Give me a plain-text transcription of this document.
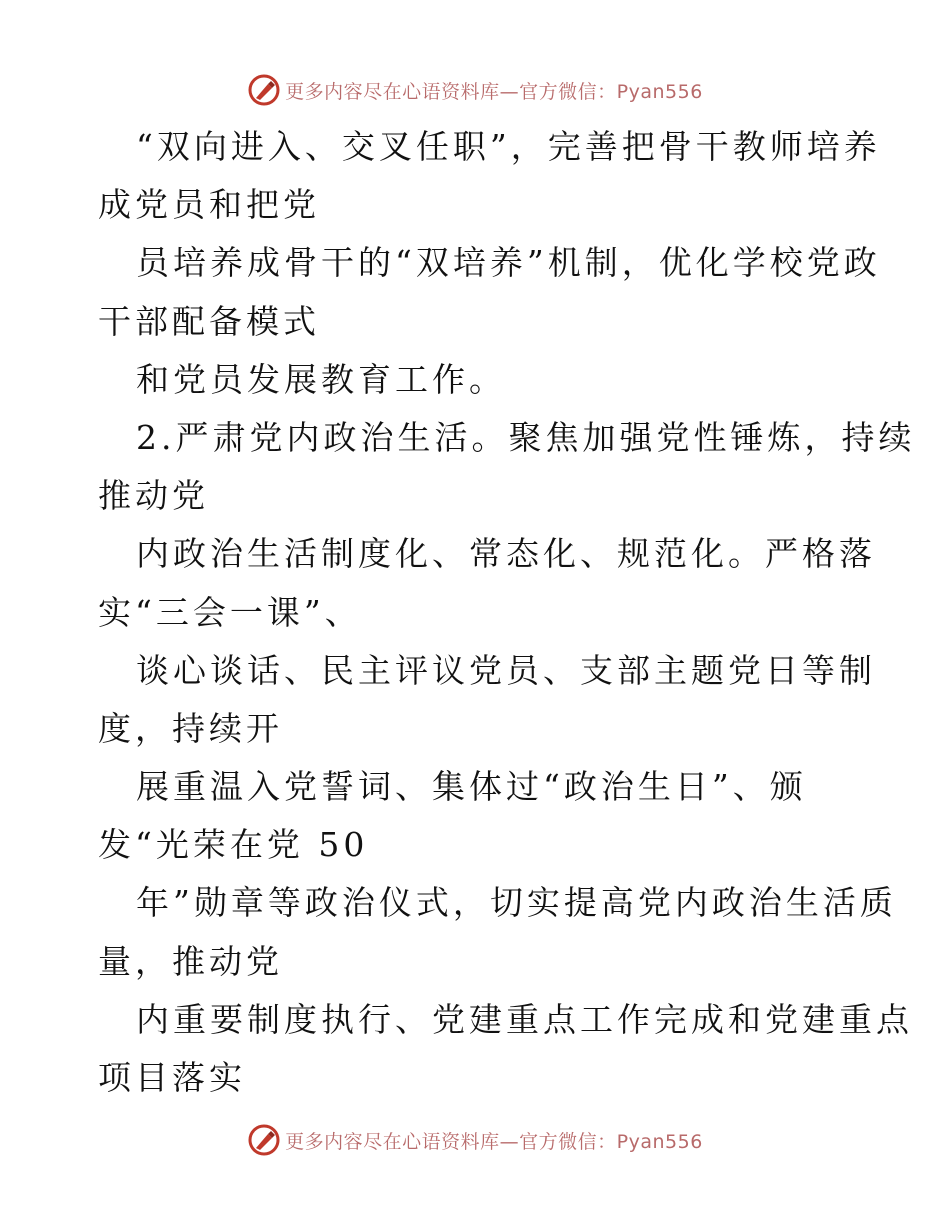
更多内容尽在心语资料库—官方微信：Pyan556
“双向进入、交叉任职”，完善把骨干教师培养
成党员和把党
员培养成骨干的“双培养”机制，优化学校党政
干部配备模式
和党员发展教育工作。
2.严肃党内政治生活。聚焦加强党性锤炼，持续
推动党
内政治生活制度化、常态化、规范化。严格落
实“三会一课”、
谈心谈话、民主评议党员、支部主题党日等制
度，持续开
展重温入党誓词、集体过“政治生日”、颁
发“光荣在党 50
年”勋章等政治仪式，切实提高党内政治生活质
量，推动党
内重要制度执行、党建重点工作完成和党建重点
项目落实
更多内容尽在心语资料库—官方微信：Pyan556
